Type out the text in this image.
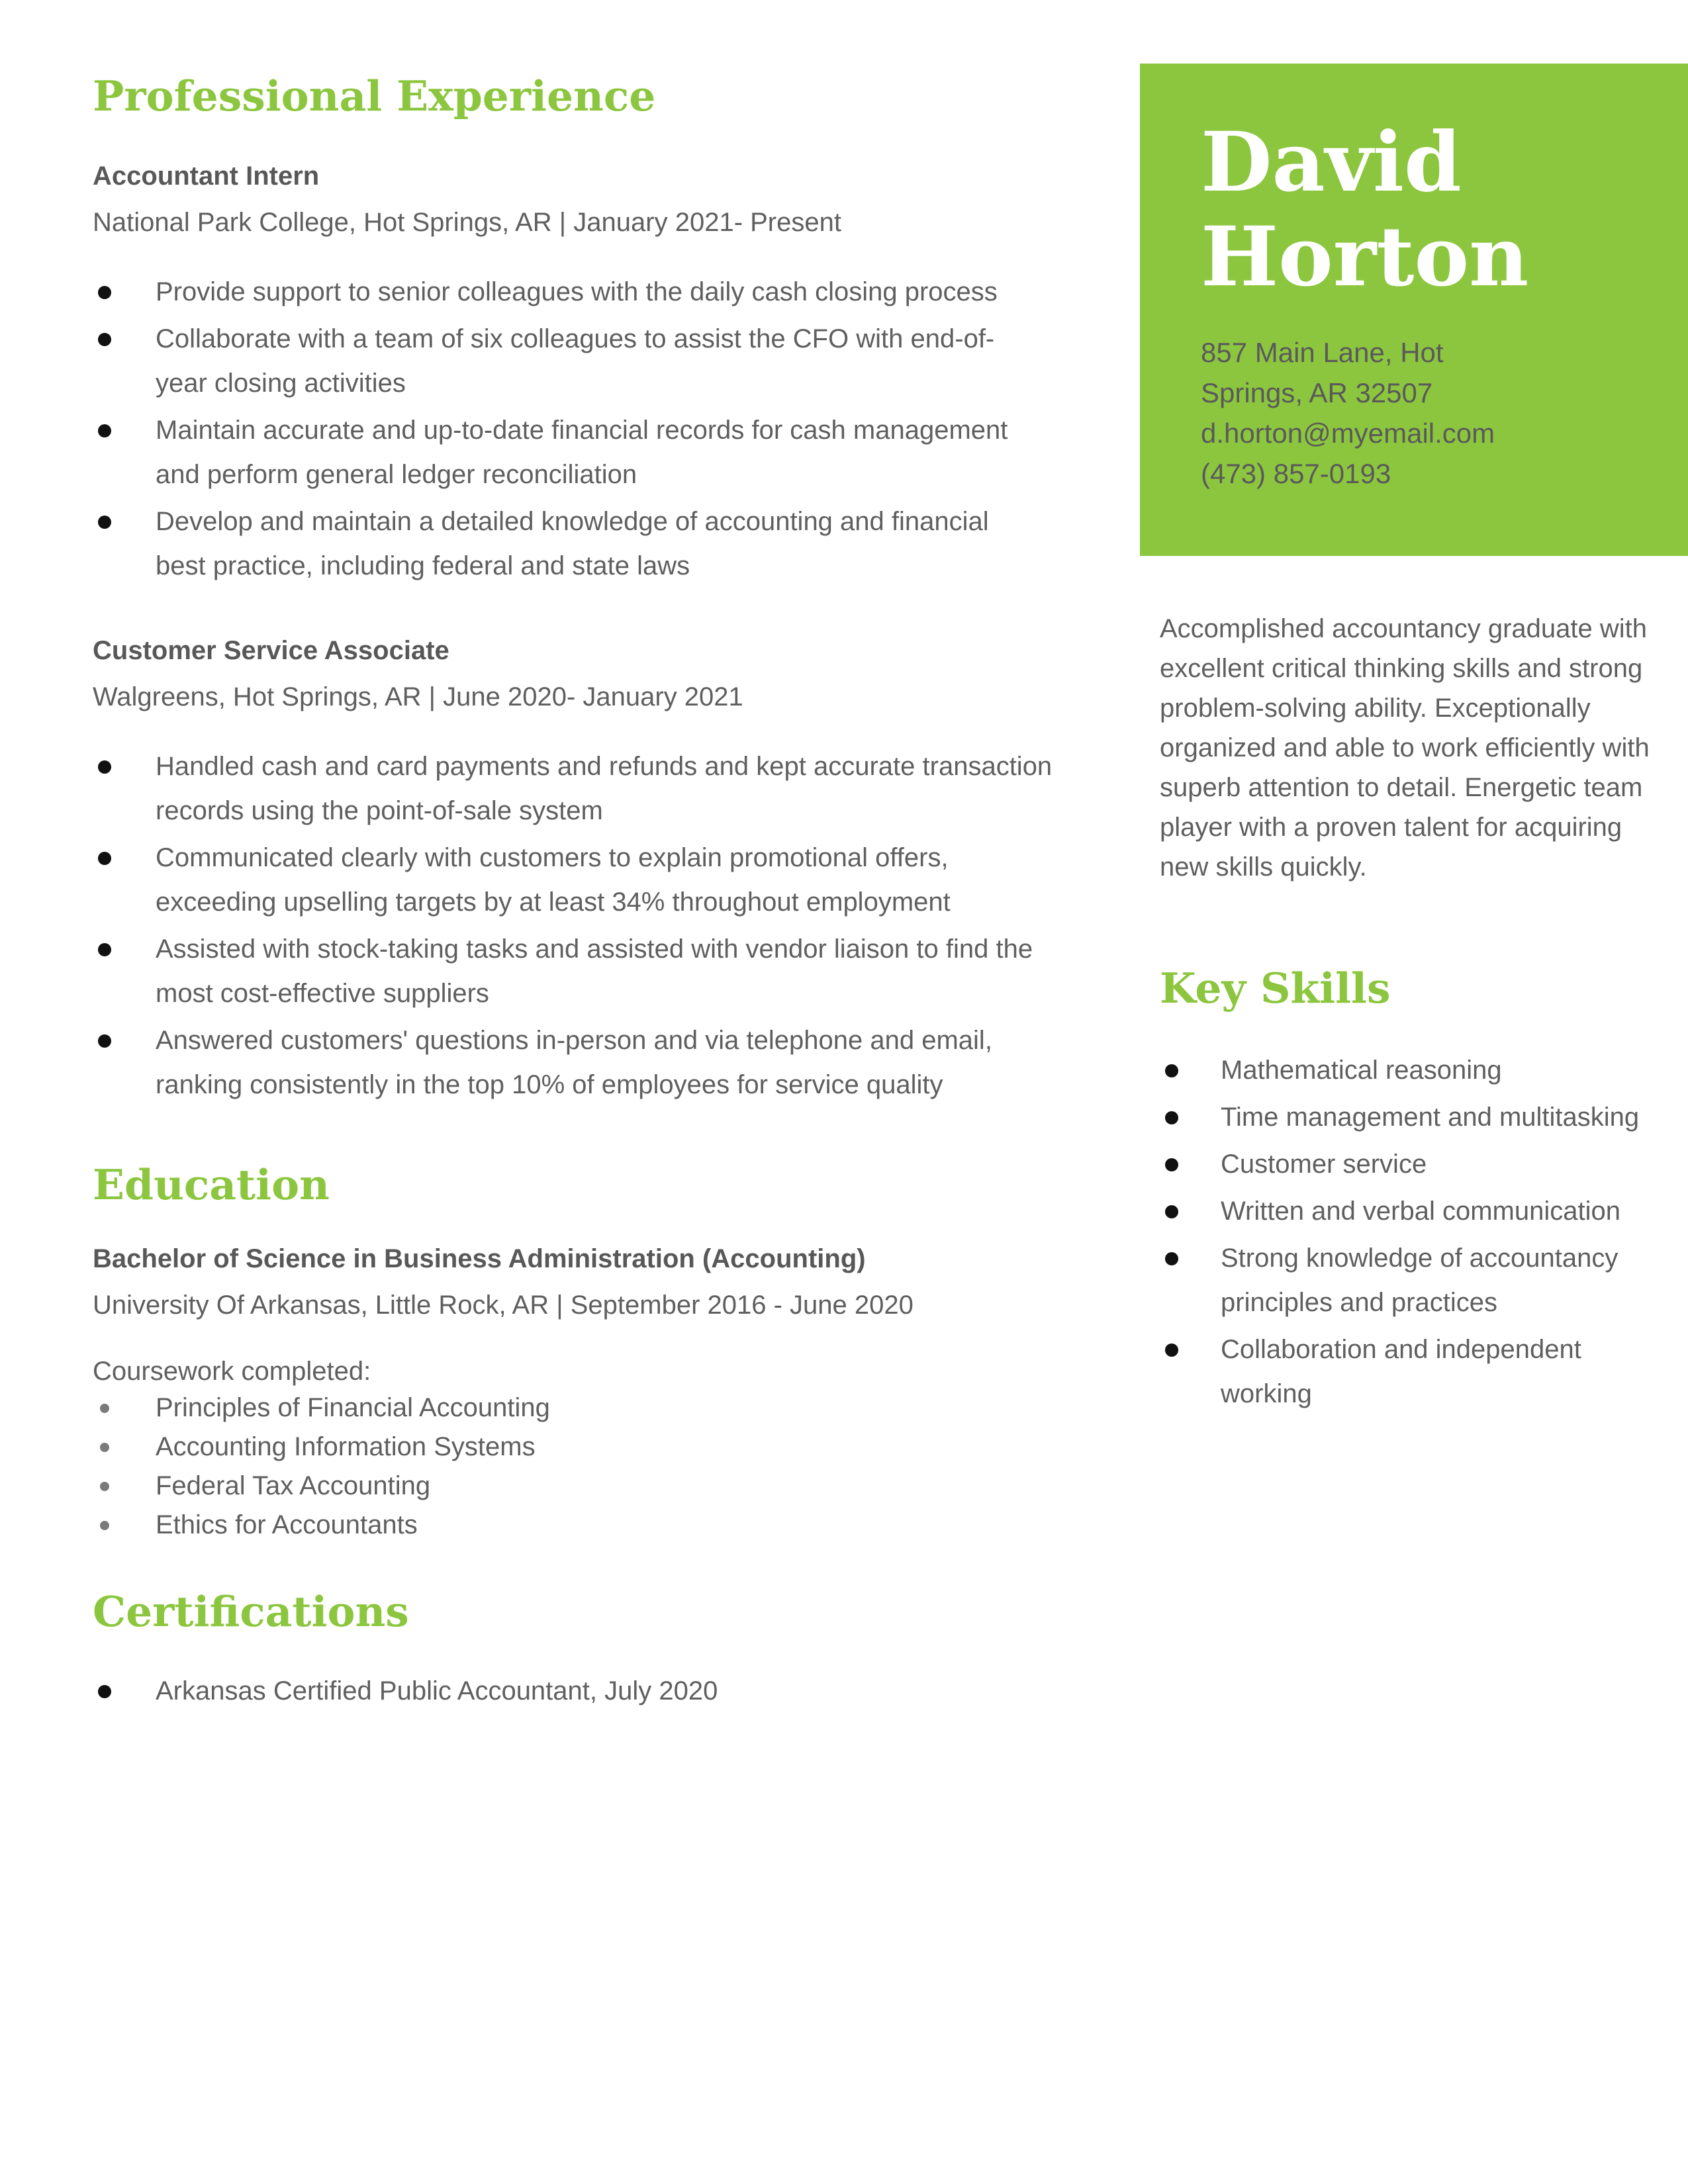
Professional Experience
Accountant Intern
National Park College, Hot Springs, AR | January 2021- Present
Provide support to senior colleagues with the daily cash closing process
Collaborate with a team of six colleagues to assist the CFO with end-of-year closing activities
Maintain accurate and up-to-date financial records for cash management and perform general ledger reconciliation
Develop and maintain a detailed knowledge of accounting and financial best practice, including federal and state laws
Customer Service Associate
Walgreens, Hot Springs, AR | June 2020- January 2021
Handled cash and card payments and refunds and kept accurate transaction records using the point-of-sale system
Communicated clearly with customers to explain promotional offers, exceeding upselling targets by at least 34% throughout employment
Assisted with stock-taking tasks and assisted with vendor liaison to find the most cost-effective suppliers
Answered customers' questions in-person and via telephone and email, ranking consistently in the top 10% of employees for service quality
Education
Bachelor of Science in Business Administration (Accounting)
University Of Arkansas, Little Rock, AR | September 2016 - June 2020
Coursework completed:
Principles of Financial Accounting
Accounting Information Systems
Federal Tax Accounting
Ethics for Accountants
Certifications
Arkansas Certified Public Accountant, July 2020
David
Horton
857 Main Lane, Hot
Springs, AR 32507
d.horton@myemail.com
(473) 857-0193
Accomplished accountancy graduate with excellent critical thinking skills and strong problem-solving ability. Exceptionally organized and able to work efficiently with superb attention to detail. Energetic team player with a proven talent for acquiring new skills quickly.
Key Skills
Mathematical reasoning
Time management and multitasking
Customer service
Written and verbal communication
Strong knowledge of accountancy principles and practices
Collaboration and independent working
